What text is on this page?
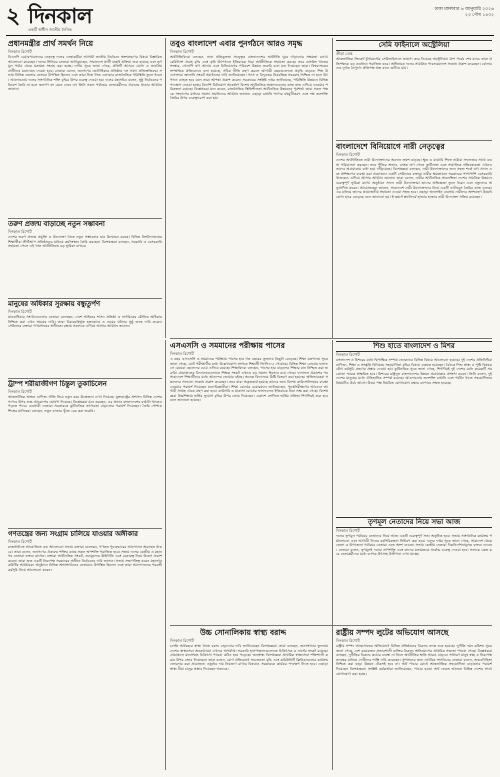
২ দিনকাল
একটি স্বাধীন জাতীয় দৈনিক
ঢাকা মঙ্গলবার ৬ জানুয়ারি ২০২৬
২৩ পৌষ ১৪৩২
প্রধানমন্ত্রীর প্রার্থ সমর্থন নিয়ে
দিনকাল রিপোর্ট
বিএনপি চেয়ারপারসনের নেতৃত্বে দলের নেতাকর্মীরা আগামী জাতীয় নির্বাচনে অংশগ্রহণের বিষয়ে বিস্তারিত আলোচনা করেছেন। দলের সিনিয়র নেতারা জানিয়েছেন, সারাদেশে প্রার্থী বাছাই প্রক্রিয়া শুরু হয়েছে এবং তৃণমূল পর্যায় থেকে মতামত সংগ্রহ করা হচ্ছে। দলীয় সূত্রে জানা গেছে, প্রতিটি আসনে যোগ্য ও জনপ্রিয় প্রার্থীদের মনোনয়ন দেওয়া হবে। নেতারা বলেন, জনগণের ভোটাধিকার প্রতিষ্ঠায় দল সর্বদা প্রতিশ্রুতিবদ্ধ। সভায় বিভিন্ন জেলার নেতারা উপস্থিত ছিলেন এবং তারা নিজ নিজ এলাকার রাজনৈতিক পরিস্থিতি তুলে ধরেন। আলোচনায় দলের সাংগঠনিক শক্তি বৃদ্ধির উপর গুরুত্ব দেওয়া হয়। দলের মহাসচিব বলেন, সুষ্ঠু নির্বাচনের পরিবেশ তৈরি না হলে জনগণ তা মেনে নেবে না। তিনি সকল পর্যায়ের নেতাকর্মীদের ঐক্যবদ্ধ থাকার আহ্বান জানান।
তরুণ প্রজন্ম বাড়াচ্ছে নতুন সম্ভাবনা
দিনকাল রিপোর্ট
দেশের তরুণ প্রজন্ম প্রযুক্তি ও উদ্যোক্তা খাতে নতুন সম্ভাবনার দ্বার উন্মোচন করছে। বিভিন্ন বিশ্ববিদ্যালয়ের শিক্ষার্থীরা স্টার্টআপ প্রতিষ্ঠানের মাধ্যমে কর্মসংস্থান তৈরি করছেন। বিশেষজ্ঞরা বলছেন, সরকারি ও বেসরকারি সহায়তা পেলে এই খাত অর্থনীতিতে বড় ভূমিকা রাখবে।
মানুষের অধিকার সুরক্ষায় বন্ধুতুর্পণ
দিনকাল রিপোর্ট
মানবাধিকার সংগঠনগুলোর নেতারা বলেছেন, দেশে আইনের শাসন প্রতিষ্ঠা ও নাগরিকের মৌলিক অধিকার নিশ্চিত করা এখন সময়ের দাবি। তারা বিচারবহির্ভূত হত্যাকাণ্ড ও গুমের ঘটনার সুষ্ঠু তদন্ত দাবি করেন। সেমিনারে বক্তারা গণমাধ্যমের স্বাধীনতা রক্ষায় সকলকে এগিয়ে আসার আহ্বান জানান।
ট্রাম্প শরীয়াজীগণ চিন্তুল তুকাচিলেন
দিনকাল রিপোর্ট
আন্তর্জাতিক অঙ্গনে বাণিজ্য নীতি নিয়ে নতুন করে উত্তেজনা দেখা দিয়েছে। যুক্তরাষ্ট্রের প্রশাসন বিভিন্ন দেশের পণ্যের উপর শুল্ক আরোপের ঘোষণা দিয়েছে। বিশ্লেষকরা মনে করছেন, এর প্রভাব বাংলাদেশের রপ্তানি খাতেও পড়তে পারে। ব্যবসায়ী নেতারা সরকারকে কূটনৈতিক তৎপরতা বাড়ানোর পরামর্শ দিয়েছেন। তৈরি পোশাক শিল্পের মালিকরা বলছেন, নতুন বাজার খুঁজে বের করা জরুরি।
গণতন্ত্রের জন্য সংগ্রাম চালিয়ে যাওয়ার অঙ্গীকার
দিনকাল রিপোর্ট
রাজধানীতে আয়োজিত এক আলোচনা সভায় বক্তারা বলেছেন, গণতন্ত্র পুনরুদ্ধারের আন্দোলন অব্যাহত থাকবে। তারা বলেন, জনগণের ঐক্যবদ্ধ শক্তির কাছে সকল অপশক্তি পরাজিত হবে। সভায় দলের কেন্দ্রীয় ও মহানগর নেতারা বক্তব্য রাখেন। বক্তারা অর্থনৈতিক সংকট, দ্রব্যমূল্যের ঊর্ধ্বগতি এবং বেকারত্ব নিয়ে উদ্বেগ প্রকাশ করেন। তারা দ্রুত একটি নিরপেক্ষ সরকারের অধীনে নির্বাচনের দাবি জানান। সভায় সভাপতিত্ব করেন মহানগর কমিটির আহ্বায়ক। অনুষ্ঠানে বিভিন্ন অঙ্গসংগঠনের নেতারাও উপস্থিত ছিলেন এবং তারা আন্দোলনের পরবর্তী কর্মসূচি নিয়ে আলোচনা করেন।
তবুও বাংলাদেশ এবার পুনর্গঠনে আরও সমৃদ্ধ
দিনকাল রিপোর্ট
অর্থনীতিবিদরা বলছেন, নানা প্রতিকূলতা সত্ত্বেও বাংলাদেশের অর্থনীতি ঘুরে দাঁড়ানোর সক্ষমতা রাখে। রেমিট্যান্স প্রবাহ বৃদ্ধি এবং কৃষি উৎপাদনে ইতিবাচক ধারা অর্থনীতিকে সহায়তা করছে। তবে ব্যাংকিং খাতের সংস্কার, খেলাপি ঋণ আদায় এবং বিনিয়োগের পরিবেশ উন্নয়ন জরুরি বলে মত দিয়েছেন তারা। বিশ্বব্যাংকের সাম্প্রতিক প্রতিবেদনে বলা হয়েছে, সঠিক নীতি গ্রহণ করলে আগামী বছরগুলোতে প্রবৃদ্ধি বাড়বে। শিল্প উদ্যোক্তারা জ্বালানি সংকট সমাধানের দাবি জানিয়েছেন। গ্যাস ও বিদ্যুতের নিরবচ্ছিন্ন সরবরাহ নিশ্চিত না হলে উৎপাদন ব্যাহত হবে বলে তারা আশঙ্কা প্রকাশ করেন। সরকারের সংশ্লিষ্ট দপ্তর জানিয়েছে, পরিস্থিতি উন্নয়নে বিভিন্ন পদক্ষেপ নেওয়া হচ্ছে। বিদেশি বিনিয়োগ আকর্ষণে বিশেষ অর্থনৈতিক অঞ্চলগুলোর কাজ দ্রুত এগিয়ে নেওয়ার পরিকল্পনা রয়েছে। বিশ্লেষকরা মনে করেন, রাজনৈতিক স্থিতিশীলতা অর্থনৈতিক উন্নয়নের পূর্বশর্ত। তারা সকল পক্ষকে সংলাপের মাধ্যমে সমস্যা সমাধানের আহ্বান জানান। এছাড়া রপ্তানি পণ্যের বহুমুখীকরণ এবং দক্ষ জনশক্তি তৈরির উপর গুরুত্বারোপ করা হয়।
সেমি ফাইনালে অস্ট্রেলিয়া
ক্রীড়া ডেস্ক
আন্তর্জাতিক ক্রিকেট টুর্নামেন্টের সেমিফাইনালে জায়গা করে নিয়েছে অস্ট্রেলিয়া। গ্রুপ পর্বের শেষ ম্যাচে তারা প্রতিপক্ষকে বড় ব্যবধানে পরাজিত করে। অধিনায়ক দলের সামগ্রিক পারফরম্যান্সে সন্তোষ প্রকাশ করেছেন। বোলারদের দুর্দান্ত নৈপুণ্যে প্রতিপক্ষ অল্প রানে গুটিয়ে যায়।
বাংলাদেশে বিনিয়োগে নারী নেতৃত্বের
দিনকাল রিপোর্ট
দেশের অর্থনীতিতে নারী উদ্যোক্তাদের অবদান ক্রমশ বাড়ছে। ক্ষুদ্র ও মাঝারি শিল্পে নারীরা সফলতার সাথে ব্যবসা পরিচালনা করছেন। তবে পুঁজির অভাব, ব্যাংক ঋণ পেতে জটিলতা এবং সামাজিক প্রতিবন্ধকতা এখনও তাদের অগ্রযাত্রায় বাধা হয়ে দাঁড়িয়েছে। বিশেষজ্ঞরা বলছেন, নারী উদ্যোক্তাদের জন্য সহজ শর্তে ঋণ প্রদান এবং প্রশিক্ষণের ব্যবস্থা করা প্রয়োজন। একটি সেমিনারে বক্তারা নারীর ক্ষমতায়নে সরকারের পাশাপাশি বেসরকারি খাতকেও এগিয়ে আসার আহ্বান জানান। তারা বলেন, নারীর অর্থনৈতিক স্বাবলম্বিতা দেশের সামগ্রিক উন্নয়নে গুরুত্বপূর্ণ ভূমিকা রাখে। অনুষ্ঠানে সফল নারী উদ্যোক্তারা তাদের অভিজ্ঞতা তুলে ধরেন এবং নতুনদের অনুপ্রাণিত করেন। আয়োজকরা জানান, সারাদেশে নারী উদ্যোক্তাদের নিয়ে একটি ডাটাবেস তৈরির কাজ চলছে। এর মাধ্যমে তাদের প্রয়োজনীয় সহায়তা দেওয়া সহজ হবে। এছাড়া অনলাইন ব্যবসায় নারীদের অংশগ্রহণ উল্লেখযোগ্য হারে বেড়েছে বলে জানানো হয়। ই-কমার্স প্ল্যাটফর্মে হাজার হাজার নারী উদ্যোক্তা সক্রিয় রয়েছেন।
এসএসসি ও সমমানের পরীক্ষায় পাসের
দিনকাল রিপোর্ট
এ বছর এসএসসি ও সমমানের পরীক্ষায় পাসের হার গত বছরের তুলনায় কিছুটা বেড়েছে। শিক্ষা মন্ত্রণালয় সূত্রে জানা গেছে, মোট পরীক্ষার্থীর মধ্যে উল্লেখযোগ্য সংখ্যক শিক্ষার্থী জিপিএ-৫ পেয়েছে। বিভিন্ন শিক্ষা বোর্ডের ফলাফলে মেয়েরা ছেলেদের চেয়ে এগিয়ে রয়েছে। শিক্ষাবিদরা বলছেন, পাসের হার বাড়লেও শিক্ষার মান নিশ্চিত করা জরুরি। গ্রামাঞ্চলের বিদ্যালয়গুলোতে শিক্ষক সংকট এখনও বড় সমস্যা হিসেবে রয়ে গেছে। ফলাফল প্রকাশের পর সারাদেশে শিক্ষার্থীদের মধ্যে আনন্দের জোয়ার বইছে। অনেক বিদ্যালয়ে মিষ্টি বিতরণ করা হয়েছে। অভিভাবকরা সন্তানদের সাফল্যে সন্তোষ প্রকাশ করেছেন। তবে যারা অকৃতকার্য হয়েছে তাদের জন্য বিশেষ কাউন্সেলিংয়ের ব্যবস্থা নেওয়ার পরামর্শ দিয়েছেন মনোবিজ্ঞানীরা। শিক্ষা বোর্ডের চেয়ারম্যান জানিয়েছেন, পুনঃনিরীক্ষণের আবেদন আগামী সপ্তাহ থেকে গ্রহণ করা হবে। কারিগরি ও মাদ্রাসা বোর্ডের ফলাফলেও ইতিবাচক ধারা লক্ষ করা গেছে। বিশেষজ্ঞরা উচ্চশিক্ষায় ভর্তির সুযোগ বৃদ্ধির উপর জোর দিয়েছেন। একাদশ শ্রেণিতে ভর্তির প্রক্রিয়া শিগগিরই শুরু হবে বলে জানানো হয়েছে।
শিশু হাতে বাংলাদেশ ও মিশর
দিনকাল রিপোর্ট
বাংলাদেশ ও মিশরের মধ্যে দ্বিপাক্ষিক সম্পর্ক জোরদারে বিভিন্ন বিষয়ে আলোচনা হয়েছে। দুই দেশের প্রতিনিধিরা বাণিজ্য, শিক্ষা ও সংস্কৃতি বিনিময়ে সহযোগিতা বৃদ্ধির বিষয়ে একমত হয়েছেন। বৈঠকে শিশু স্বাস্থ্য ও পুষ্টি বিষয়ক যৌথ কর্মসূচি গ্রহণের প্রস্তাব দেওয়া হয়। কূটনৈতিক সূত্রে জানা গেছে, শিগগিরই দুই দেশের মধ্যে কয়েকটি সমঝোতা স্মারক স্বাক্ষরিত হবে। মিশরের রাষ্ট্রদূত বাংলাদেশের উন্নয়ন অগ্রযাত্রার প্রশংসা করেন। তিনি বলেন, দুই দেশের মানুষের মধ্যে ঐতিহাসিক সম্পর্ক রয়েছে। আলোচনায় জনশক্তি রপ্তানি এবং পর্যটন খাতে সহযোগিতার বিষয়টিও উঠে আসে। উভয় পক্ষ নিয়মিত যোগাযোগ রক্ষার ব্যাপারে সম্মত হয়েছে।
তৃণমূল নেতাদের নিয়ে সভা আজ
দিনকাল রিপোর্ট
দলের তৃণমূল পর্যায়ের নেতাদের নিয়ে আজ একটি গুরুত্বপূর্ণ সভা অনুষ্ঠিত হবে। সভায় সাংগঠনিক কার্যক্রম পর্যালোচনা এবং আগামী দিনের কর্মপরিকল্পনা নির্ধারণ করা হবে। দলের দপ্তর সূত্রে জানা গেছে, সারাদেশ থেকে জেলা ও উপজেলা পর্যায়ের নেতারা এতে অংশ নেবেন। সভায় কেন্দ্রীয় নেতারা দিকনির্দেশনামূলক বক্তব্য দেবেন। নেতারা বলেন, তৃণমূলই দলের প্রাণশক্তি এবং তাদের মতামতকে সর্বোচ্চ গুরুত্ব দেওয়া হবে। সভাকে কেন্দ্র করে নেতাকর্মীদের মধ্যে ব্যাপক উৎসাহ উদ্দীপনা দেখা যাচ্ছে।
উচ্চ সোনালিকায় স্বাস্থ্য বরাদ্দ
দিনকাল রিপোর্ট
চলতি অর্থবছরে স্বাস্থ্য খাতে বরাদ্দ বাড়ানোর দাবি জানিয়েছেন বিশেষজ্ঞরা। তারা বলছেন, জনসংখ্যার তুলনায় দেশের স্বাস্থ্যসেবা অবকাঠামো এখনও অপর্যাপ্ত। সরকারি হাসপাতালগুলোতে চিকিৎসক ও নার্সের সংকট রয়েছে। গ্রামাঞ্চলে মানসম্মত চিকিৎসা পাওয়া কঠিন হয়ে পড়েছে। জনস্বাস্থ্য বিশেষজ্ঞরা প্রাথমিক স্বাস্থ্যসেবা শক্তিশালী করার উপর জোর দিয়েছেন। তারা বলেন, রোগ প্রতিরোধে সচেতনতা বৃদ্ধি এবং কমিউনিটি ক্লিনিকগুলোর কার্যক্রম জোরদার করা প্রয়োজন। ওষুধের দাম নিয়ন্ত্রণে রাখার বিষয়েও সরকারকে কার্যকর পদক্ষেপ নিতে হবে। এছাড়া স্বাস্থ্য বীমা চালুর প্রস্তাব দিয়েছেন অনেকে।
রাষ্ট্রীয় সম্পদ লুটের অভিযোগ আসছে
দিনকাল রিপোর্ট
রাষ্ট্রীয় সম্পদ আত্মসাতের অভিযোগে বিভিন্ন প্রতিষ্ঠানের বিরুদ্ধে তদন্ত শুরু হয়েছে। দুর্নীতি দমন কমিশন সূত্রে জানা গেছে, বেশ কয়েকজন প্রভাবশালী ব্যক্তির বিরুদ্ধে অভিযোগের প্রাথমিক সত্যতা পাওয়া গেছে। বিশ্লেষকরা বলছেন, দুর্নীতির বিরুদ্ধে কঠোর ব্যবস্থা না নিলে অর্থনীতির ক্ষতি আরও বাড়বে। সাধারণ মানুষ স্বচ্ছ ও নিরপেক্ষ তদন্তের মাধ্যমে দোষীদের শাস্তি দাবি করেছেন। সুশাসনের জন্য নাগরিক সংগঠনের নেতারা বলেন, জবাবদিহিতা নিশ্চিত করা ছাড়া উন্নয়ন টেকসই হবে না। অর্থ পাচার রোধে আন্তর্জাতিক সহযোগিতা বাড়ানোর পরামর্শ দিয়েছেন বিশেষজ্ঞরা। সংশ্লিষ্ট কর্মকর্তারা জানিয়েছেন, পাচার হওয়া অর্থ ফেরত আনতে বিভিন্ন দেশের সাথে যোগাযোগ করা হচ্ছে।
